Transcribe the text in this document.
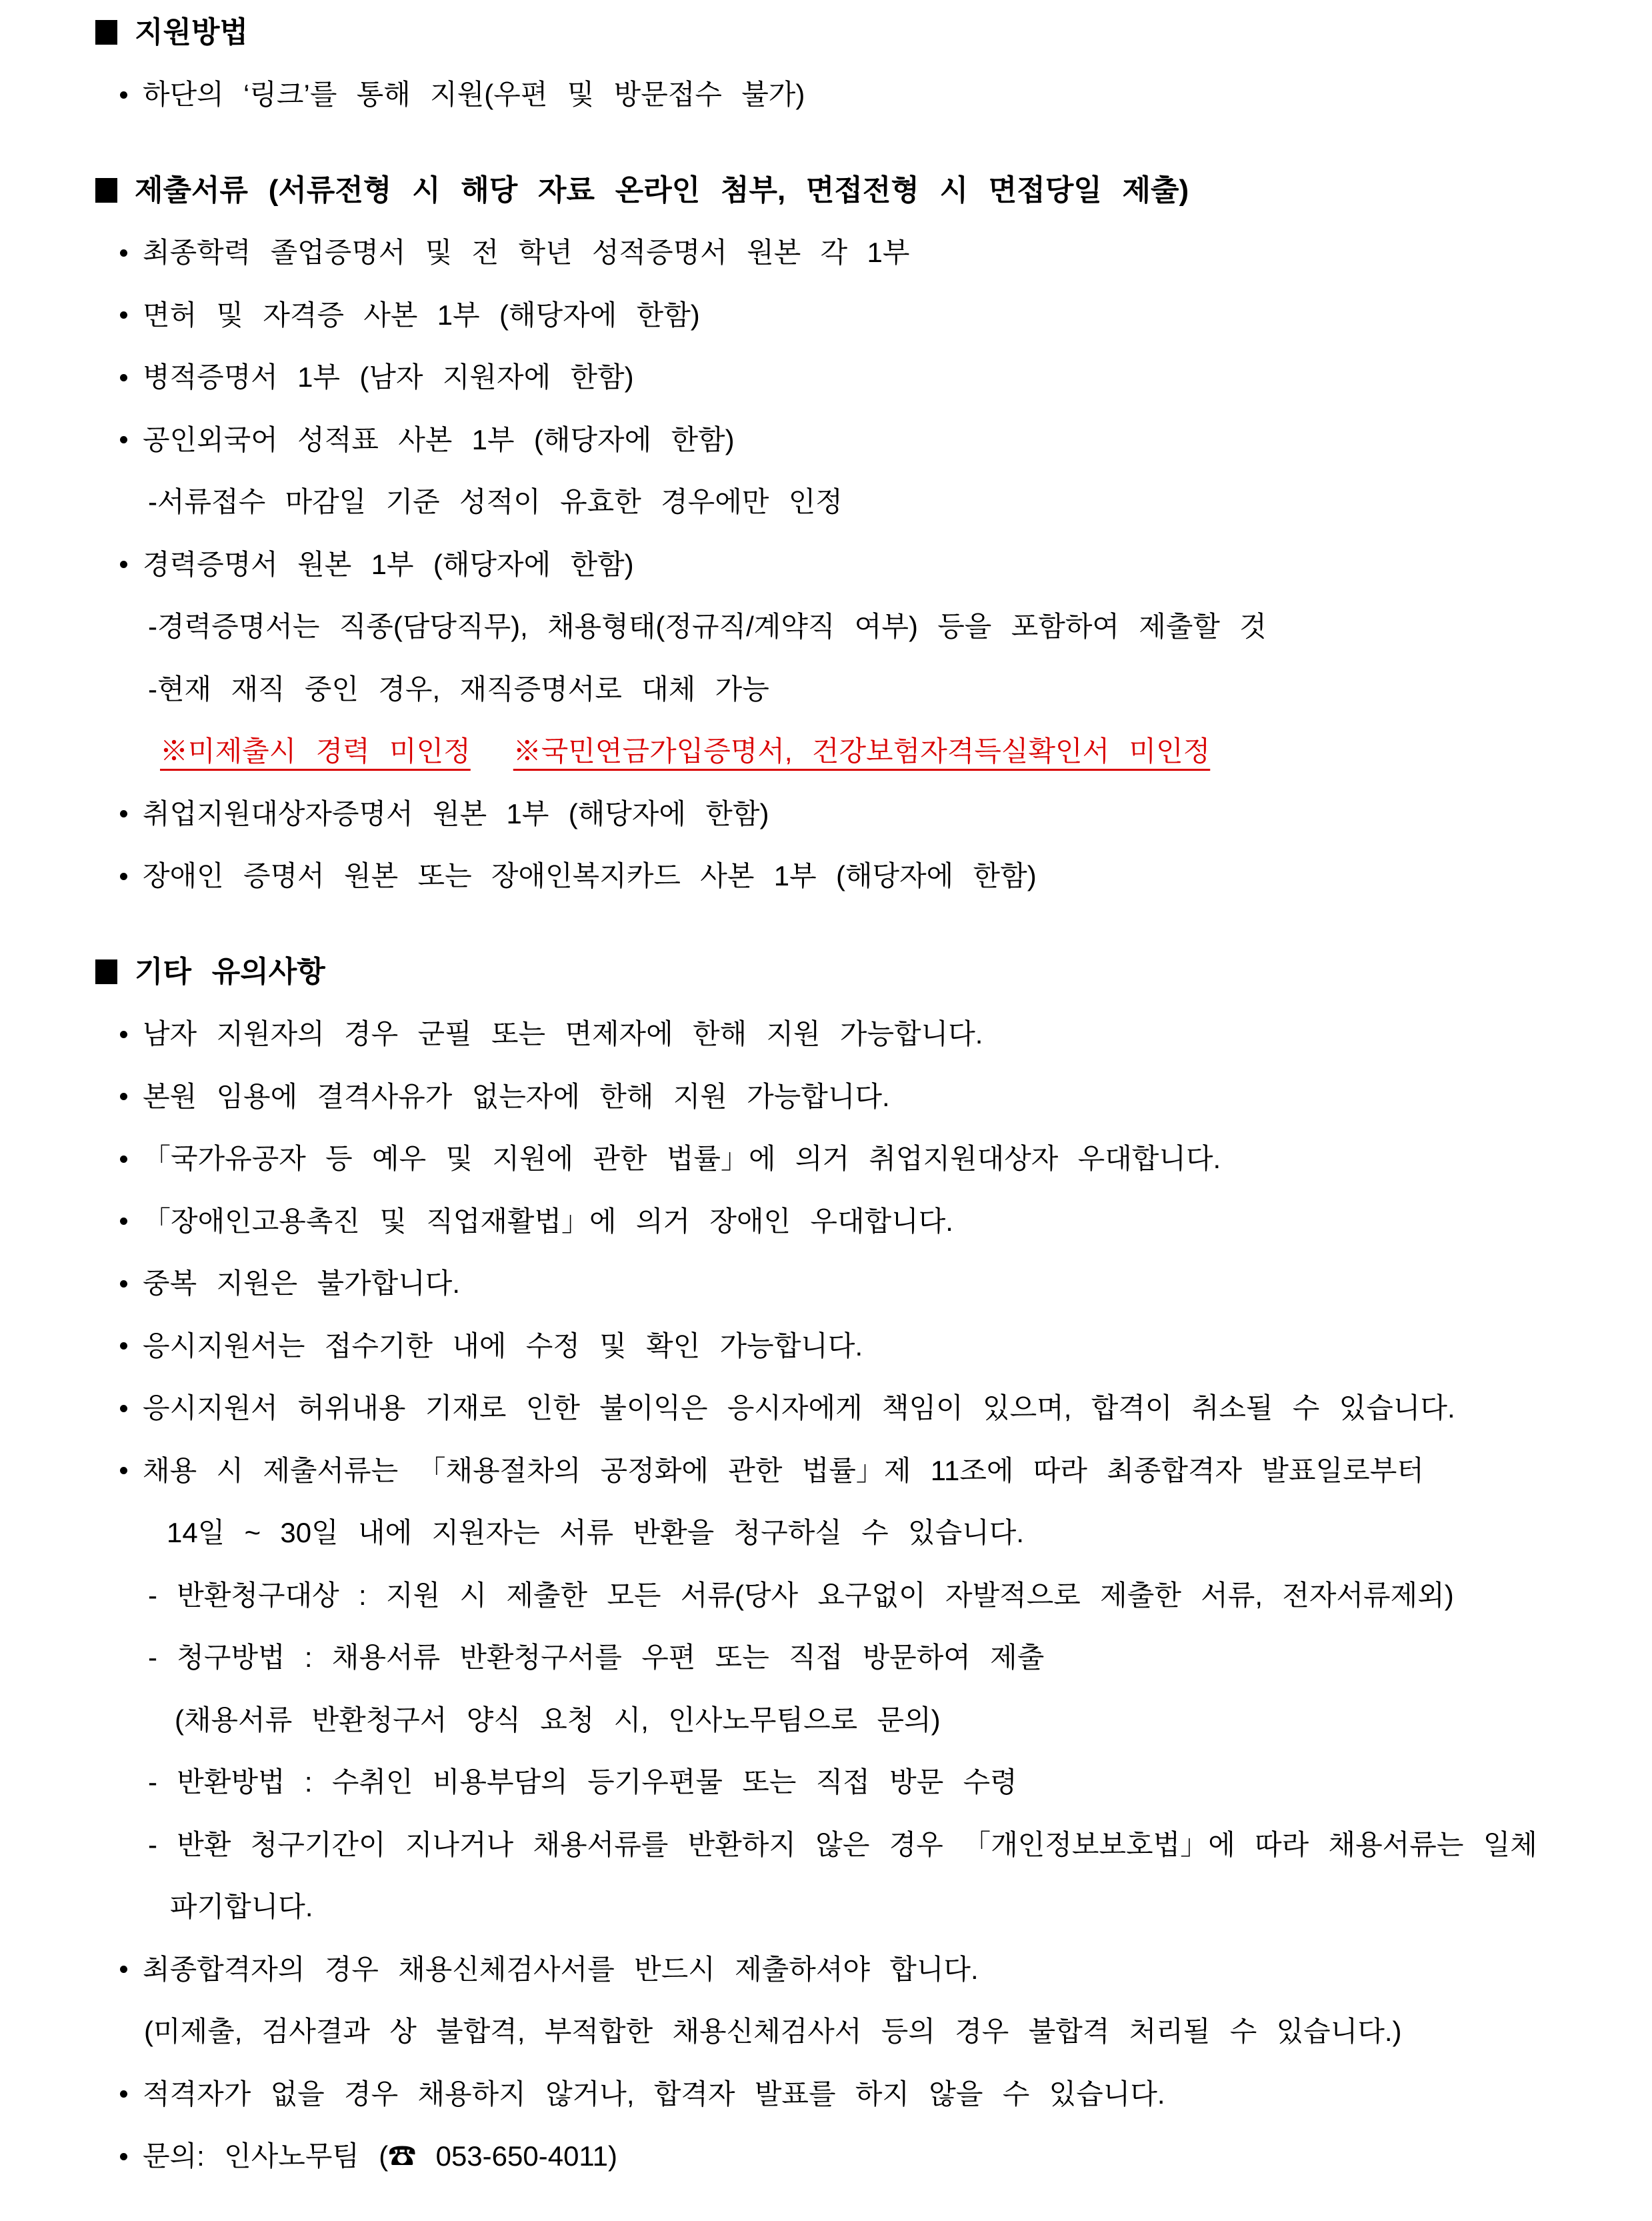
지원방법
하단의 ‘링크’를 통해 지원(우편 및 방문접수 불가)
제출서류 (서류전형 시 해당 자료 온라인 첨부, 면접전형 시 면접당일 제출)
최종학력 졸업증명서 및 전 학년 성적증명서 원본 각 1부
면허 및 자격증 사본 1부 (해당자에 한함)
병적증명서 1부 (남자 지원자에 한함)
공인외국어 성적표 사본 1부 (해당자에 한함)
-서류접수 마감일 기준 성적이 유효한 경우에만 인정
경력증명서 원본 1부 (해당자에 한함)
-경력증명서는 직종(담당직무), 채용형태(정규직/계약직 여부) 등을 포함하여 제출할 것
-현재 재직 중인 경우, 재직증명서로 대체 가능
※미제출시 경력 미인정 ※국민연금가입증명서, 건강보험자격득실확인서 미인정
취업지원대상자증명서 원본 1부 (해당자에 한함)
장애인 증명서 원본 또는 장애인복지카드 사본 1부 (해당자에 한함)
기타 유의사항
남자 지원자의 경우 군필 또는 면제자에 한해 지원 가능합니다.
본원 임용에 결격사유가 없는자에 한해 지원 가능합니다.
「국가유공자 등 예우 및 지원에 관한 법률」에 의거 취업지원대상자 우대합니다.
「장애인고용촉진 및 직업재활법」에 의거 장애인 우대합니다.
중복 지원은 불가합니다.
응시지원서는 접수기한 내에 수정 및 확인 가능합니다.
응시지원서 허위내용 기재로 인한 불이익은 응시자에게 책임이 있으며, 합격이 취소될 수 있습니다.
채용 시 제출서류는 「채용절차의 공정화에 관한 법률」제 11조에 따라 최종합격자 발표일로부터
14일 ~ 30일 내에 지원자는 서류 반환을 청구하실 수 있습니다.
- 반환청구대상 : 지원 시 제출한 모든 서류(당사 요구없이 자발적으로 제출한 서류, 전자서류제외)
- 청구방법 : 채용서류 반환청구서를 우편 또는 직접 방문하여 제출
(채용서류 반환청구서 양식 요청 시, 인사노무팀으로 문의)
- 반환방법 : 수취인 비용부담의 등기우편물 또는 직접 방문 수령
- 반환 청구기간이 지나거나 채용서류를 반환하지 않은 경우 「개인정보보호법」에 따라 채용서류는 일체
파기합니다.
최종합격자의 경우 채용신체검사서를 반드시 제출하셔야 합니다.
(미제출, 검사결과 상 불합격, 부적합한 채용신체검사서 등의 경우 불합격 처리될 수 있습니다.)
적격자가 없을 경우 채용하지 않거나, 합격자 발표를 하지 않을 수 있습니다.
문의: 인사노무팀 (☎ 053-650-4011)
